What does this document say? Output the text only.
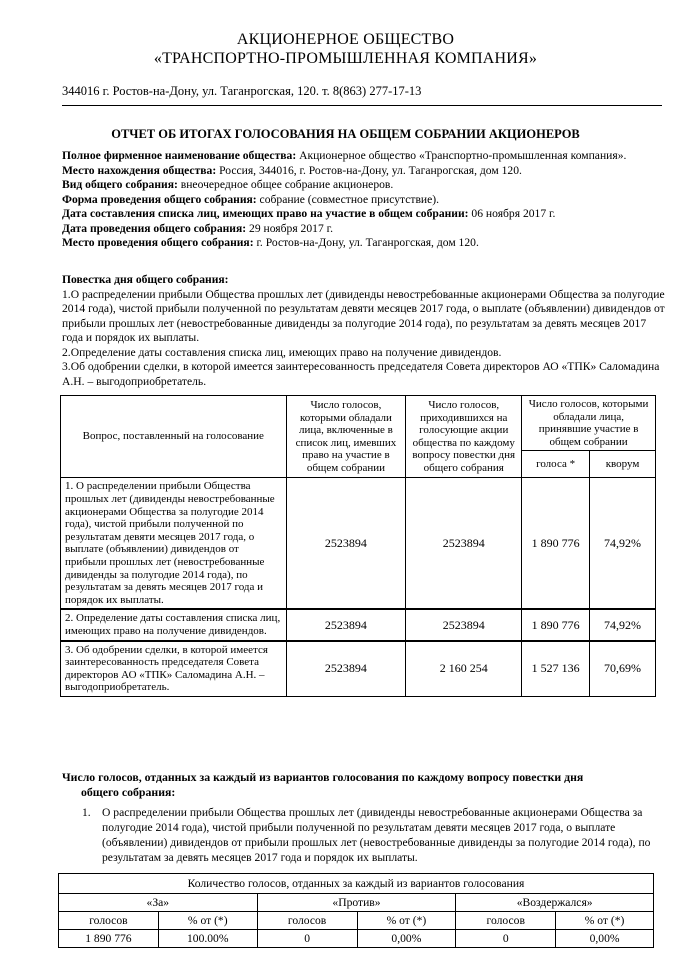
АКЦИОНЕРНОЕ ОБЩЕСТВО
«ТРАНСПОРТНО-ПРОМЫШЛЕННАЯ КОМПАНИЯ»
344016 г. Ростов-на-Дону, ул. Таганрогская, 120. т. 8(863) 277-17-13
ОТЧЕТ ОБ ИТОГАХ ГОЛОСОВАНИЯ НА ОБЩЕМ СОБРАНИИ АКЦИОНЕРОВ

Полное фирменное наименование общества: Акционерное общество «Транспортно-промышленная компания».

Место нахождения общества: Россия, 344016, г. Ростов-на-Дону, ул. Таганрогская, дом 120.

Вид общего собрания: внеочередное общее собрание акционеров.

Форма проведения общего собрания: собрание (совместное присутствие).

Дата составления списка лиц, имеющих право на участие в общем собрании: 06 ноября 2017 г.

Дата проведения общего собрания: 29 ноября 2017 г.

Место проведения общего собрания: г. Ростов-на-Дону, ул. Таганрогская, дом 120.

Повестка дня общего собрания:

1.О распределении прибыли Общества прошлых лет (дивиденды невостребованные акционерами Общества за полугодие 2014 года), чистой прибыли полученной по результатам девяти месяцев 2017 года, о выплате (объявлении) дивидендов от прибыли прошлых лет (невостребованные дивиденды за полугодие 2014 года), по результатам за девять месяцев 2017 года и порядок их выплаты.

2.Определение даты составления списка лиц, имеющих право на получение дивидендов.

3.Об одобрении сделки, в которой имеется заинтересованность председателя Совета директоров АО «ТПК» Саломадина А.Н. – выгодоприобретатель.

Вопрос, поставленный на голосование	Число голосов, которыми обладали лица, включенные в список лиц, имевших право на участие в общем собрании	Число голосов, приходившихся на голосующие акции общества по каждому вопросу повестки дня общего собрания	Число голосов, которыми обладали лица, принявшие участие в общем собрании	
			голоса *	кворум
1. О распределении прибыли Общества прошлых лет (дивиденды невостребованные акционерами Общества за полугодие 2014 года), чистой прибыли полученной по результатам девяти месяцев 2017 года, о выплате (объявлении) дивидендов от прибыли прошлых лет (невостребованные дивиденды за полугодие 2014 года), по результатам за девять месяцев 2017 года и порядок их выплаты.	2523894	2523894	1 890 776	74,92%
2. Определение даты составления списка лиц, имеющих право на получение дивидендов.	2523894	2523894	1 890 776	74,92%
3. Об одобрении сделки, в которой имеется заинтересованность председателя Совета директоров АО «ТПК» Саломадина А.Н. – выгодоприобретатель.	2523894	2 160 254	1 527 136	70,69%
Число голосов, отданных за каждый из вариантов голосования по каждому вопросу повестки дня
общего собрания:
1. О распределении прибыли Общества прошлых лет (дивиденды невостребованные акционерами Общества за полугодие 2014 года), чистой прибыли полученной по результатам девяти месяцев 2017 года, о выплате (объявлении) дивидендов от прибыли прошлых лет (невостребованные дивиденды за полугодие 2014 года), по результатам за девять месяцев 2017 года и порядок их выплаты.
Количество голосов, отданных за каждый из вариантов голосования					
«За»		«Против»		«Воздержался»	
голосов	% от (*)	голосов	% от (*)	голосов	% от (*)
1 890 776	100.00%	0	0,00%	0	0,00%
